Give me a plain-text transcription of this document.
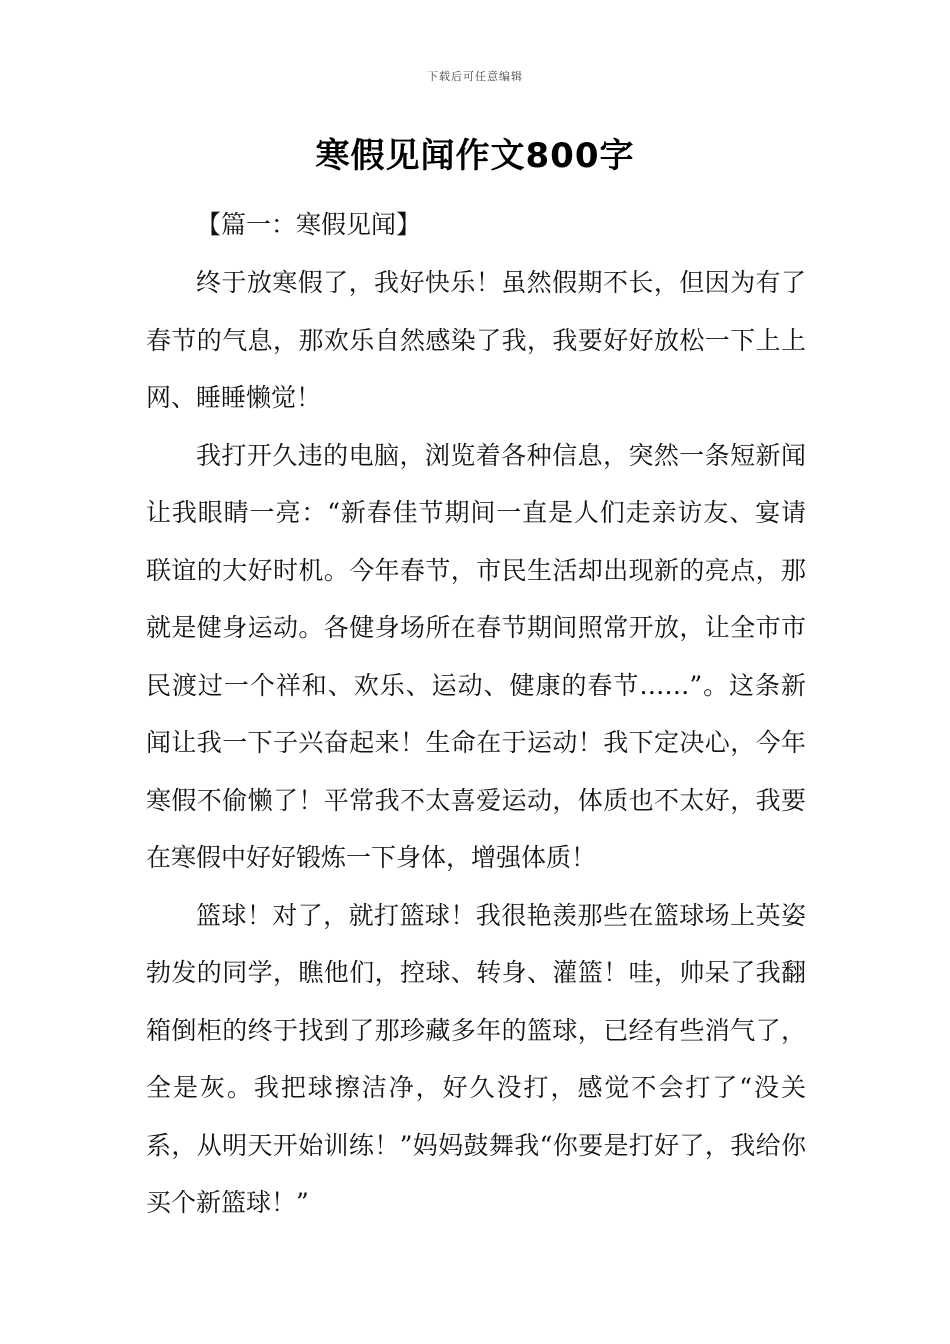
下载后可任意编辑
寒假见闻作文800字
【篇一：寒假见闻】

终于放寒假了，我好快乐！虽然假期不长，但因为有了春节的气息，那欢乐自然感染了我，我要好好放松一下上上网、睡睡懒觉！

我打开久违的电脑，浏览着各种信息，突然一条短新闻让我眼睛一亮：“新春佳节期间一直是人们走亲访友、宴请联谊的大好时机。今年春节，市民生活却出现新的亮点，那就是健身运动。各健身场所在春节期间照常开放，让全市市民渡过一个祥和、欢乐、运动、健康的春节……”。这条新闻让我一下子兴奋起来！生命在于运动！我下定决心，今年寒假不偷懒了！平常我不太喜爱运动，体质也不太好，我要在寒假中好好锻炼一下身体，增强体质！

篮球！对了，就打篮球！我很艳羡那些在篮球场上英姿勃发的同学，瞧他们，控球、转身、灌篮！哇，帅呆了我翻箱倒柜的终于找到了那珍藏多年的篮球，已经有些消气了，全是灰。我把球擦洁净，好久没打，感觉不会打了“没关系，从明天开始训练！”妈妈鼓舞我“你要是打好了，我给你买个新篮球！”
